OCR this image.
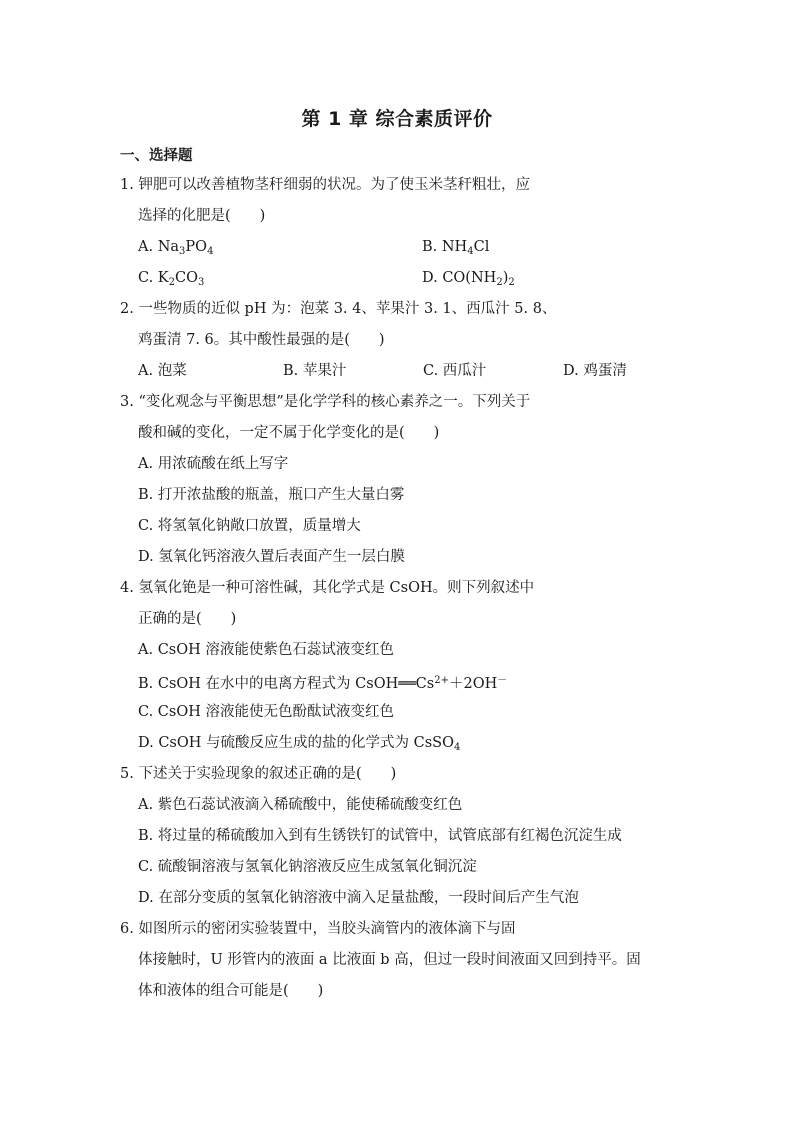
第 1 章 综合素质评价
一、选择题
1. 钾肥可以改善植物茎秆细弱的状况。为了使玉米茎秆粗壮，应
选择的化肥是(　　)
A. $Na_3PO_4$	B. $NH_4Cl$
C. $K_2CO_3$	D. $CO(NH_2)_2$
2. 一些物质的近似 pH 为：泡菜 3. 4、苹果汁 3. 1、西瓜汁 5. 8、
鸡蛋清 7. 6。其中酸性最强的是(　　)
A. 泡菜	B. 苹果汁	C. 西瓜汁	D. 鸡蛋清
3. “变化观念与平衡思想”是化学学科的核心素养之一。下列关于
酸和碱的变化，一定不属于化学变化的是(　　)
A. 用浓硫酸在纸上写字
B. 打开浓盐酸的瓶盖，瓶口产生大量白雾
C. 将氢氧化钠敞口放置，质量增大
D. 氢氧化钙溶液久置后表面产生一层白膜
4. 氢氧化铯是一种可溶性碱，其化学式是 CsOH。则下列叙述中
正确的是(　　)
A. CsOH 溶液能使紫色石蕊试液变红色
B. CsOH 在水中的电离方程式为 $CsOH══Cs^{2+}+2OH^-$
C. CsOH 溶液能使无色酚酞试液变红色
D. CsOH 与硫酸反应生成的盐的化学式为 CsSO$_4$
5. 下述关于实验现象的叙述正确的是(　　)
A. 紫色石蕊试液滴入稀硫酸中，能使稀硫酸变红色
B. 将过量的稀硫酸加入到有生锈铁钉的试管中，试管底部有红褐色沉淀生成
C. 硫酸铜溶液与氢氧化钠溶液反应生成氢氧化铜沉淀
D. 在部分变质的氢氧化钠溶液中滴入足量盐酸，一段时间后产生气泡
6. 如图所示的密闭实验装置中，当胶头滴管内的液体滴下与固
体接触时，U 形管内的液面 a 比液面 b 高，但过一段时间液面又回到持平。固
体和液体的组合可能是(　　)
